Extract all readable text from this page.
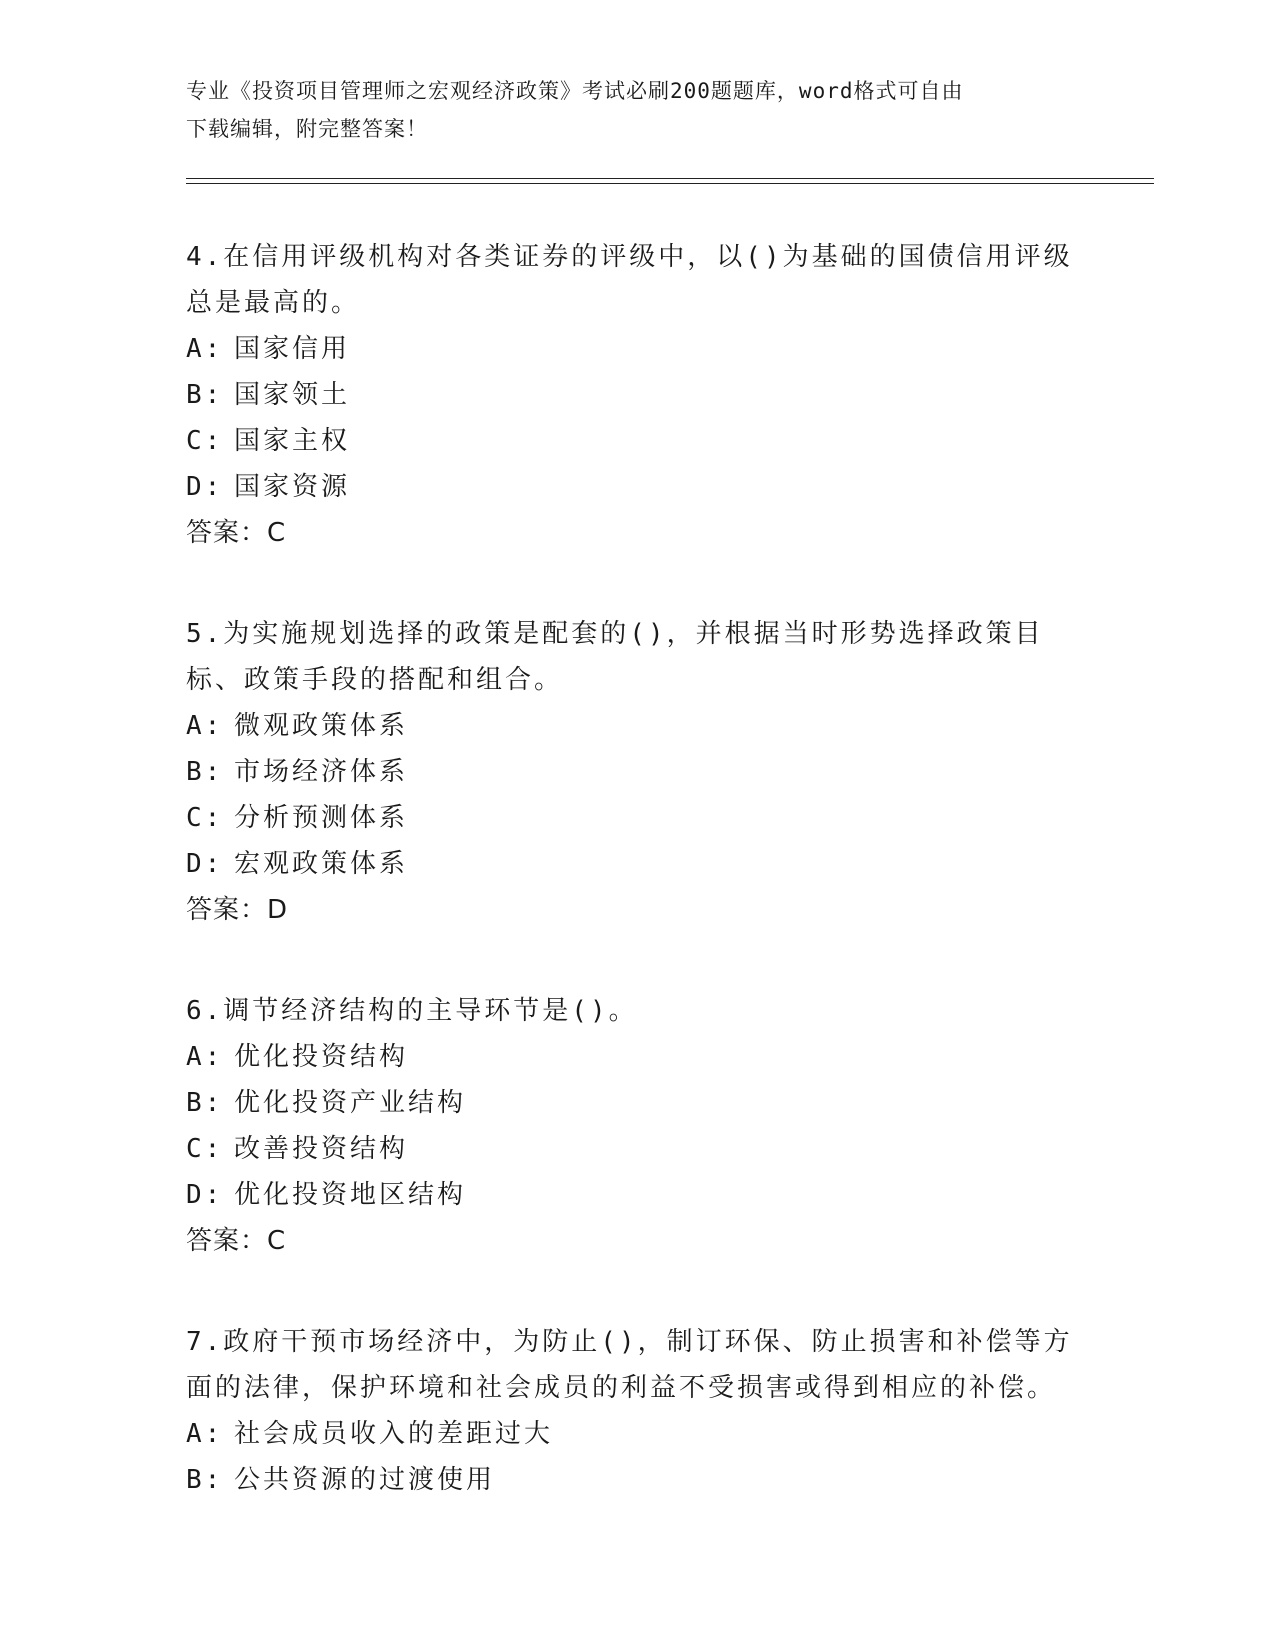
专业《投资项目管理师之宏观经济政策》考试必刷200题题库，word格式可自由
下载编辑，附完整答案！
4.在信用评级机构对各类证券的评级中，以()为基础的国债信用评级总是最高的。
A: 国家信用
B: 国家领土
C: 国家主权
D: 国家资源
答案：C
5.为实施规划选择的政策是配套的()，并根据当时形势选择政策目标、政策手段的搭配和组合。
A: 微观政策体系
B: 市场经济体系
C: 分析预测体系
D: 宏观政策体系
答案：D
6.调节经济结构的主导环节是()。
A: 优化投资结构
B: 优化投资产业结构
C: 改善投资结构
D: 优化投资地区结构
答案：C
7.政府干预市场经济中，为防止()，制订环保、防止损害和补偿等方面的法律，保护环境和社会成员的利益不受损害或得到相应的补偿。
A: 社会成员收入的差距过大
B: 公共资源的过渡使用
